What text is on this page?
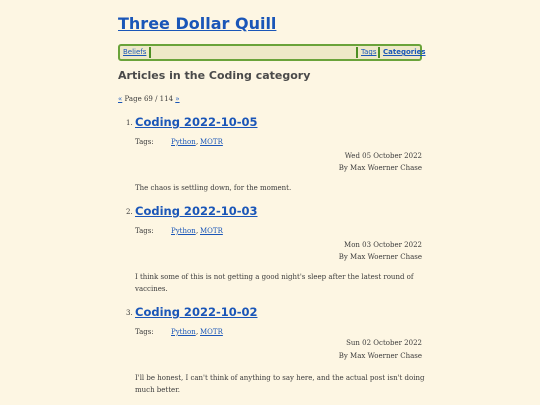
Three Dollar Quill
Beliefs	Tags Categories
Articles in the Coding category
« Page 69 / 114 »
1. Coding 2022-10-05
Tags: Python , MOTR
Wed 05 October 2022
By Max Woerner Chase
The chaos is settling down, for the moment.
2. Coding 2022-10-03
Tags: Python , MOTR
Mon 03 October 2022
By Max Woerner Chase
I think some of this is not getting a good night's sleep after the latest round of vaccines.
3. Coding 2022-10-02
Tags: Python , MOTR
Sun 02 October 2022
By Max Woerner Chase
I'll be honest, I can't think of anything to say here, and the actual post isn't doing much better.
